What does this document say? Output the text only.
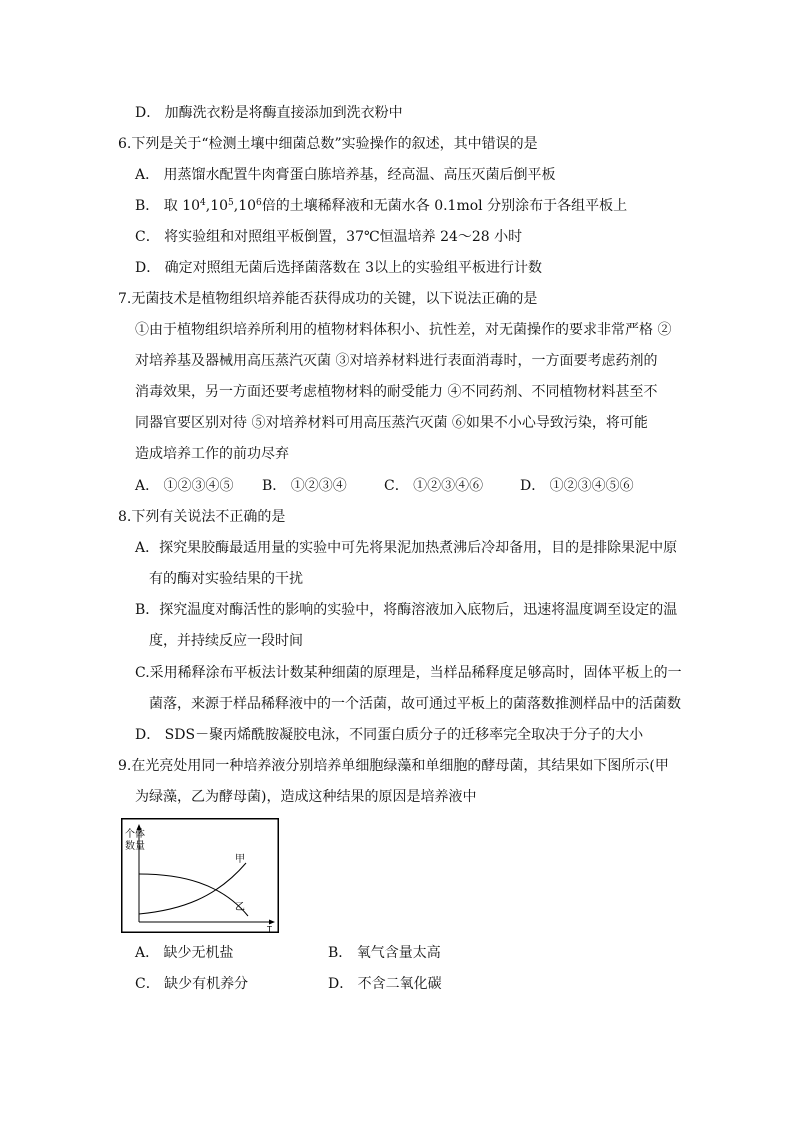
D． 加酶洗衣粉是将酶直接添加到洗衣粉中
6.下列是关于“检测土壤中细菌总数”实验操作的叙述，其中错误的是
A． 用蒸馏水配置牛肉膏蛋白胨培养基，经高温、高压灭菌后倒平板
B． 取 $10^4,10^5,10^6$倍的土壤稀释液和无菌水各 0.1mol 分别涂布于各组平板上
C． 将实验组和对照组平板倒置，37℃恒温培养 24～28 小时
D． 确定对照组无菌后选择菌落数在 3以上的实验组平板进行计数
7.无菌技术是植物组织培养能否获得成功的关键，以下说法正确的是
①由于植物组织培养所利用的植物材料体积小、抗性差，对无菌操作的要求非常严格 ②
对培养基及器械用高压蒸汽灭菌 ③对培养材料进行表面消毒时，一方面要考虑药剂的
消毒效果，另一方面还要考虑植物材料的耐受能力 ④不同药剂、不同植物材料甚至不
同器官要区别对待 ⑤对培养材料可用高压蒸汽灭菌 ⑥如果不小心导致污染，将可能
造成培养工作的前功尽弃
A． ①②③④⑤ B． ①②③④	C． ①②③④⑥	D． ①②③④⑤⑥
8.下列有关说法不正确的是
A．探究果胶酶最适用量的实验中可先将果泥加热煮沸后冷却备用，目的是排除果泥中原
有的酶对实验结果的干扰
B．探究温度对酶活性的影响的实验中，将酶溶液加入底物后，迅速将温度调至设定的温
度，并持续反应一段时间
C.采用稀释涂布平板法计数某种细菌的原理是，当样品稀释度足够高时，固体平板上的一
菌落，来源于样品稀释液中的一个活菌，故可通过平板上的菌落数推测样品中的活菌数
D． SDS－聚丙烯酰胺凝胶电泳，不同蛋白质分子的迁移率完全取决于分子的大小
9.在光亮处用同一种培养液分别培养单细胞绿藻和单细胞的酵母菌，其结果如下图所示(甲
为绿藻，乙为酵母菌)，造成这种结果的原因是培养液中
个体
数量
T
甲
乙
A． 缺少无机盐	B． 氧气含量太高
C． 缺少有机养分	D． 不含二氧化碳
